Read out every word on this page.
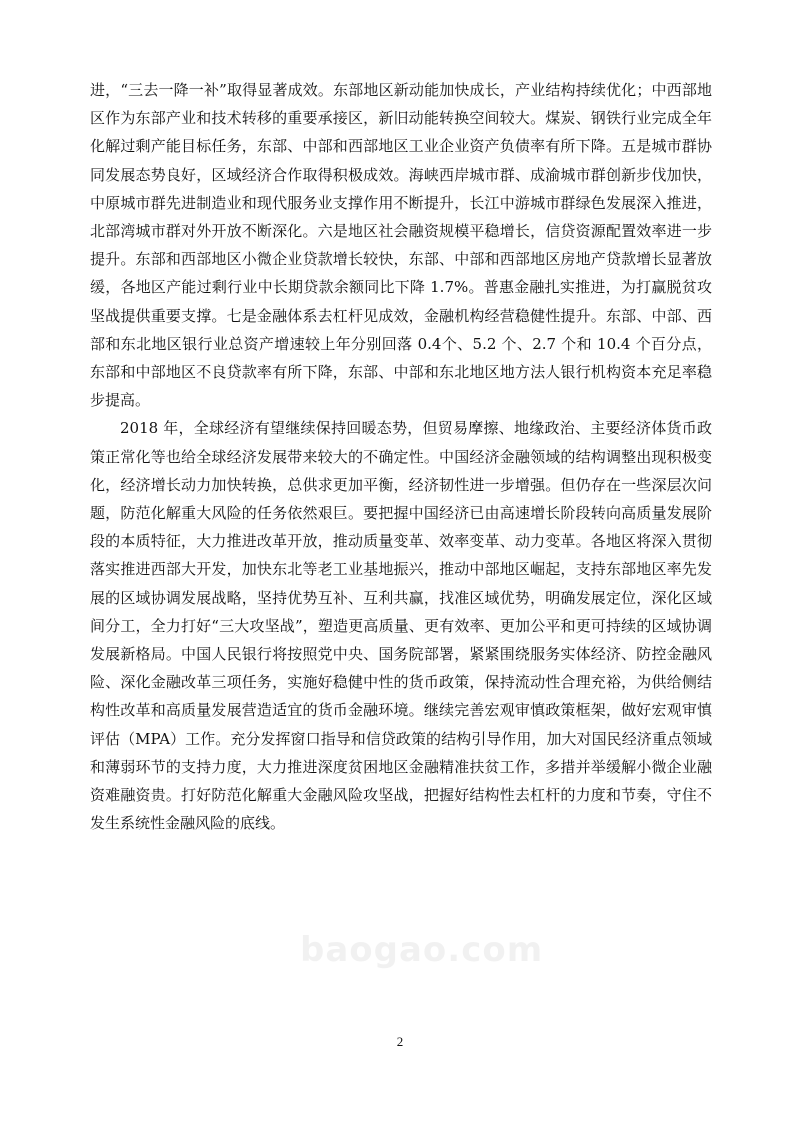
进，“三去一降一补”取得显著成效。东部地区新动能加快成长，产业结构持续优化；中西部地区作为东部产业和技术转移的重要承接区，新旧动能转换空间较大。煤炭、钢铁行业完成全年化解过剩产能目标任务，东部、中部和西部地区工业企业资产负债率有所下降。五是城市群协同发展态势良好，区域经济合作取得积极成效。海峡西岸城市群、成渝城市群创新步伐加快，中原城市群先进制造业和现代服务业支撑作用不断提升，长江中游城市群绿色发展深入推进，北部湾城市群对外开放不断深化。六是地区社会融资规模平稳增长，信贷资源配置效率进一步提升。东部和西部地区小微企业贷款增长较快，东部、中部和西部地区房地产贷款增长显著放缓，各地区产能过剩行业中长期贷款余额同比下降 1.7%。普惠金融扎实推进，为打赢脱贫攻坚战提供重要支撑。七是金融体系去杠杆见成效，金融机构经营稳健性提升。东部、中部、西部和东北地区银行业总资产增速较上年分别回落 0.4个、5.2 个、2.7 个和 10.4 个百分点，东部和中部地区不良贷款率有所下降，东部、中部和东北地区地方法人银行机构资本充足率稳步提高。

2018 年，全球经济有望继续保持回暖态势，但贸易摩擦、地缘政治、主要经济体货币政策正常化等也给全球经济发展带来较大的不确定性。中国经济金融领域的结构调整出现积极变化，经济增长动力加快转换，总供求更加平衡，经济韧性进一步增强。但仍存在一些深层次问题，防范化解重大风险的任务依然艰巨。要把握中国经济已由高速增长阶段转向高质量发展阶段的本质特征，大力推进改革开放，推动质量变革、效率变革、动力变革。各地区将深入贯彻落实推进西部大开发，加快东北等老工业基地振兴，推动中部地区崛起，支持东部地区率先发展的区域协调发展战略，坚持优势互补、互利共赢，找准区域优势，明确发展定位，深化区域间分工，全力打好“三大攻坚战”，塑造更高质量、更有效率、更加公平和更可持续的区域协调发展新格局。中国人民银行将按照党中央、国务院部署，紧紧围绕服务实体经济、防控金融风险、深化金融改革三项任务，实施好稳健中性的货币政策，保持流动性合理充裕，为供给侧结构性改革和高质量发展营造适宜的货币金融环境。继续完善宏观审慎政策框架，做好宏观审慎评估（MPA）工作。充分发挥窗口指导和信贷政策的结构引导作用，加大对国民经济重点领域和薄弱环节的支持力度，大力推进深度贫困地区金融精准扶贫工作，多措并举缓解小微企业融资难融资贵。打好防范化解重大金融风险攻坚战，把握好结构性去杠杆的力度和节奏，守住不发生系统性金融风险的底线。

baogao.com
2
